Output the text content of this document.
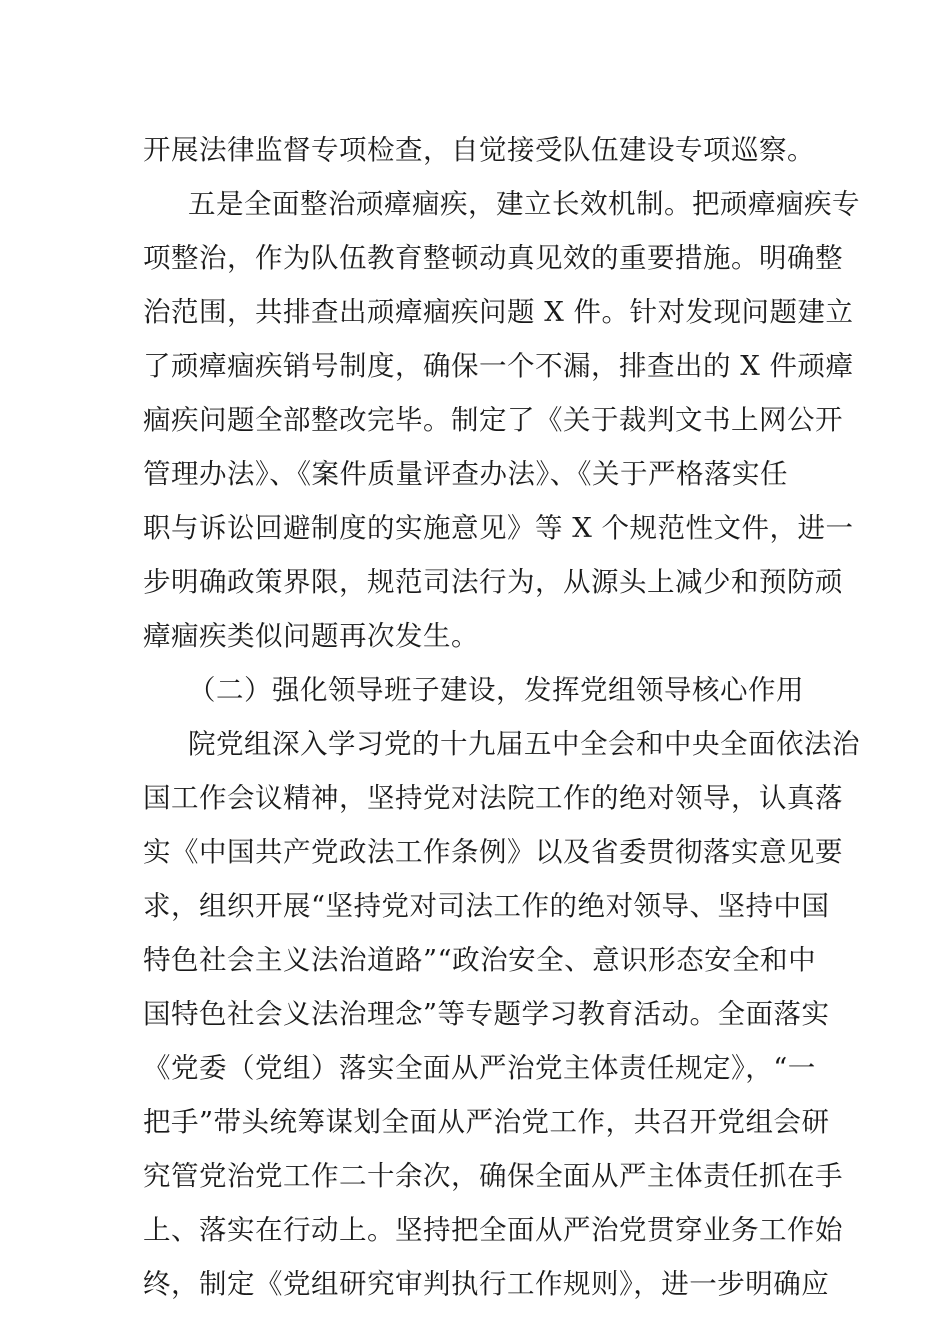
开展法律监督专项检查，自觉接受队伍建设专项巡察。
五是全面整治顽瘴痼疾，建立长效机制。把顽瘴痼疾专
项整治，作为队伍教育整顿动真见效的重要措施。明确整
治范围，共排查出顽瘴痼疾问题 X 件。针对发现问题建立
了顽瘴痼疾销号制度，确保一个不漏，排查出的 X 件顽瘴
痼疾问题全部整改完毕。制定了《关于裁判文书上网公开
管理办法》、《案件质量评查办法》、《关于严格落实任
职与诉讼回避制度的实施意见》等 X 个规范性文件，进一
步明确政策界限，规范司法行为，从源头上减少和预防顽
瘴痼疾类似问题再次发生。
（二）强化领导班子建设，发挥党组领导核心作用
院党组深入学习党的十九届五中全会和中央全面依法治
国工作会议精神，坚持党对法院工作的绝对领导，认真落
实《中国共产党政法工作条例》以及省委贯彻落实意见要
求，组织开展“坚持党对司法工作的绝对领导、坚持中国
特色社会主义法治道路”“政治安全、意识形态安全和中
国特色社会义法治理念”等专题学习教育活动。全面落实
《党委（党组）落实全面从严治党主体责任规定》，“一
把手”带头统筹谋划全面从严治党工作，共召开党组会研
究管党治党工作二十余次，确保全面从严主体责任抓在手
上、落实在行动上。坚持把全面从严治党贯穿业务工作始
终，制定《党组研究审判执行工作规则》，进一步明确应
